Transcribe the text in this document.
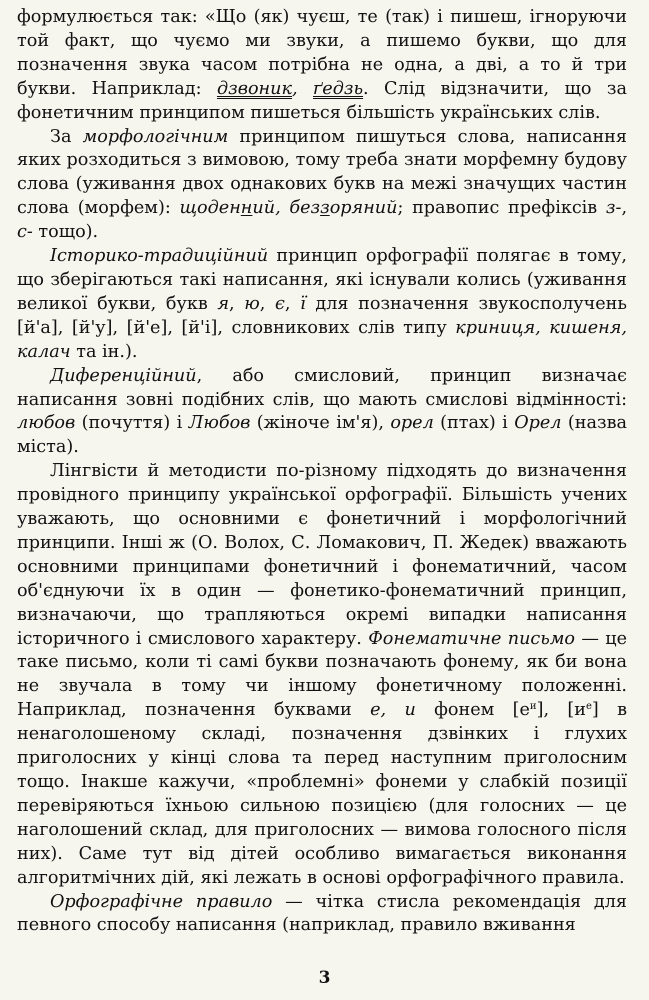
формулюється так: «Що (як) чуєш, те (так) і пишеш, ігноруючи той факт, що чуємо ми звуки, а пишемо букви, що для позначення звука часом потрібна не одна, а дві, а то й три букви. Наприклад: дзвоник, ґедзь. Слід відзначити, що за фонетичним принципом пишеться більшість українських слів.

За морфологічним принципом пишуться слова, написання яких розходиться з вимовою, тому треба знати морфемну будову слова (уживання двох однакових букв на межі значущих частин слова (морфем): щоденний, беззоряний; правопис префіксів з-, с- тощо).

Історико-традиційний принцип орфографії полягає в тому, що зберігаються такі написання, які існували колись (уживання великої букви, букв я, ю, є, ї для позначення звукосполучень [й'а], [й'у], [й'е], [й'і], словникових слів типу криниця, кишеня, калач та ін.).

Диференційний, або смисловий, принцип визначає написання зовні подібних слів, що мають смислові відмінності: любов (почуття) і Любов (жіноче ім'я), орел (птах) і Орел (назва міста).

Лінгвісти й методисти по-різному підходять до визначення провідного принципу української орфографії. Більшість учених уважають, що основними є фонетичний і морфологічний принципи. Інші ж (О. Волох, С. Ломакович, П. Жедек) вважають основними принципами фонетичний і фонематичний, часом об'єднуючи їх в один — фонетико-фонематичний принцип, визначаючи, що трапляються окремі випадки написання історичного і смислового характеру. Фонематичне письмо — це таке письмо, коли ті самі букви позначають фонему, як би вона не звучала в тому чи іншому фонетичному положенні. Наприклад, позначення буквами е, и фонем $[е^и]$, $[и^е]$ в ненаголошеному складі, позначення дзвінких і глухих приголосних у кінці слова та перед наступним приголосним тощо. Інакше кажучи, «проблемні» фонеми у слабкій позиції перевіряються їхньою сильною позицією (для голосних — це наголошений склад, для приголосних — вимова голосного після них). Саме тут від дітей особливо вимагається виконання алгоритмічних дій, які лежать в основі орфографічного правила.

Орфографічне правило — чітка стисла рекомендація для певного способу написання (наприклад, правило вживання

3
